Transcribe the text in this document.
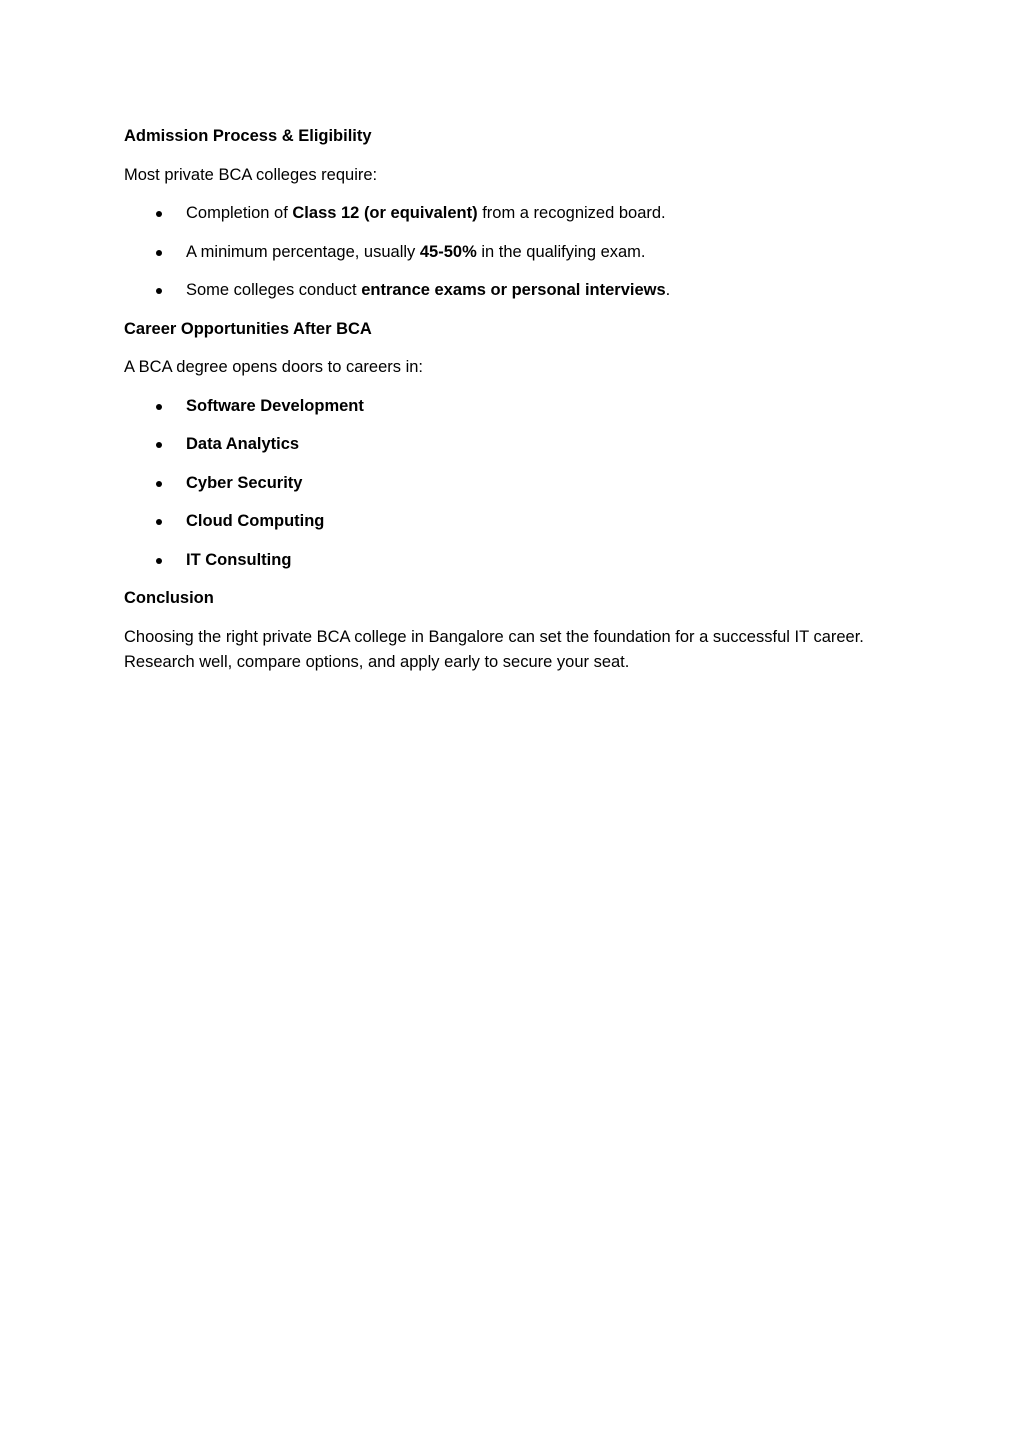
Admission Process & Eligibility
Most private BCA colleges require:
Completion of Class 12 (or equivalent) from a recognized board.
A minimum percentage, usually 45-50% in the qualifying exam.
Some colleges conduct entrance exams or personal interviews.
Career Opportunities After BCA
A BCA degree opens doors to careers in:
Software Development
Data Analytics
Cyber Security
Cloud Computing
IT Consulting
Conclusion
Choosing the right private BCA college in Bangalore can set the foundation for a successful IT career. Research well, compare options, and apply early to secure your seat.
